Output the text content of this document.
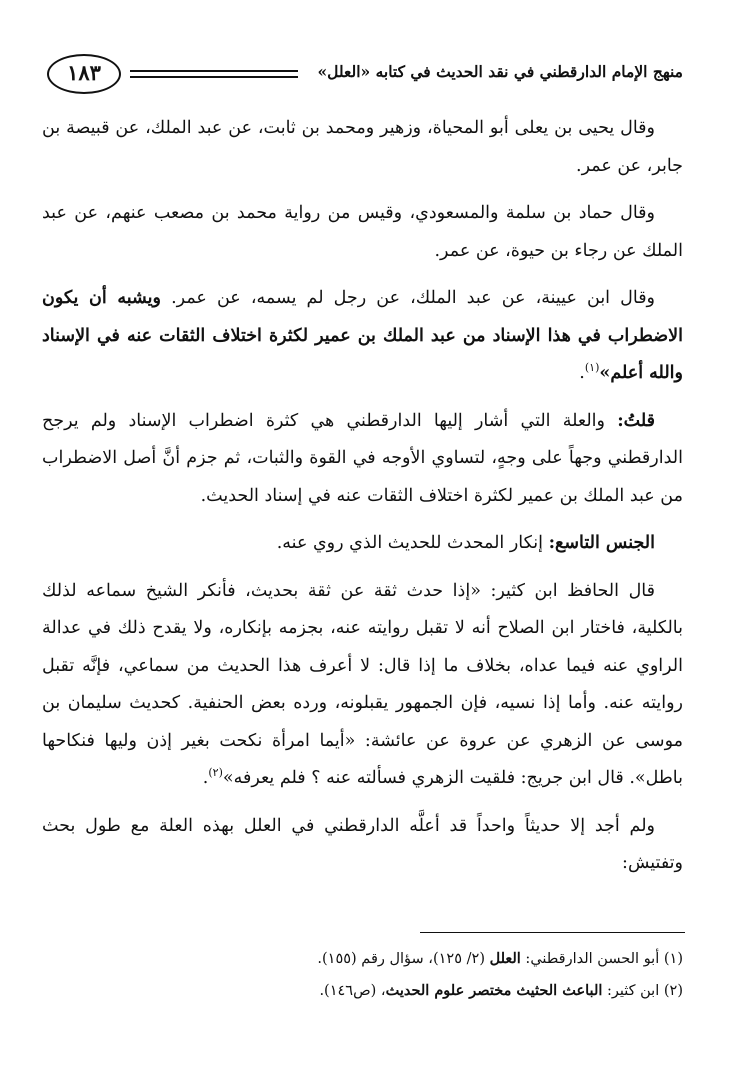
١٨٣	منهج الإمام الدارقطني في نقد الحديث في كتابه «العلل»

وقال يحيى بن يعلى أبو المحياة، وزهير ومحمد بن ثابت، عن عبد الملك، عن قبيصة بن جابر، عن عمر.

وقال حماد بن سلمة والمسعودي، وقيس من رواية محمد بن مصعب عنهم، عن عبد الملك عن رجاء بن حيوة، عن عمر.

وقال ابن عيينة، عن عبد الملك، عن رجل لم يسمه، عن عمر. ويشبه أن يكون الاضطراب في هذا الإسناد من عبد الملك بن عمير لكثرة اختلاف الثقات عنه في الإسناد والله أعلم»$^{(١)}$.

قلتُ: والعلة التي أشار إليها الدارقطني هي كثرة اضطراب الإسناد ولم يرجح الدارقطني وجهاً على وجهٍ، لتساوي الأوجه في القوة والثبات، ثم جزم أنَّ أصل الاضطراب من عبد الملك بن عمير لكثرة اختلاف الثقات عنه في إسناد الحديث.

الجنس التاسع: إنكار المحدث للحديث الذي روي عنه.

قال الحافظ ابن كثير: «إذا حدث ثقة عن ثقة بحديث، فأنكر الشيخ سماعه لذلك بالكلية، فاختار ابن الصلاح أنه لا تقبل روايته عنه، بجزمه بإنكاره، ولا يقدح ذلك في عدالة الراوي عنه فيما عداه، بخلاف ما إذا قال: لا أعرف هذا الحديث من سماعي، فإنَّه تقبل روايته عنه. وأما إذا نسيه، فإن الجمهور يقبلونه، ورده بعض الحنفية. كحديث سليمان بن موسى عن الزهري عن عروة عن عائشة: «أيما امرأة نكحت بغير إذن وليها فنكاحها باطل». قال ابن جريج: فلقيت الزهري فسألته عنه ؟ فلم يعرفه»$^{(٢)}$.

ولم أجد إلا حديثاً واحداً قد أعلَّه الدارقطني في العلل بهذه العلة مع طول بحث وتفتيش:

(١) أبو الحسن الدارقطني: العلل (٢/ ١٢٥)، سؤال رقم (١٥٥).
(٢) ابن كثير: الباعث الحثيث مختصر علوم الحديث، (ص١٤٦).
